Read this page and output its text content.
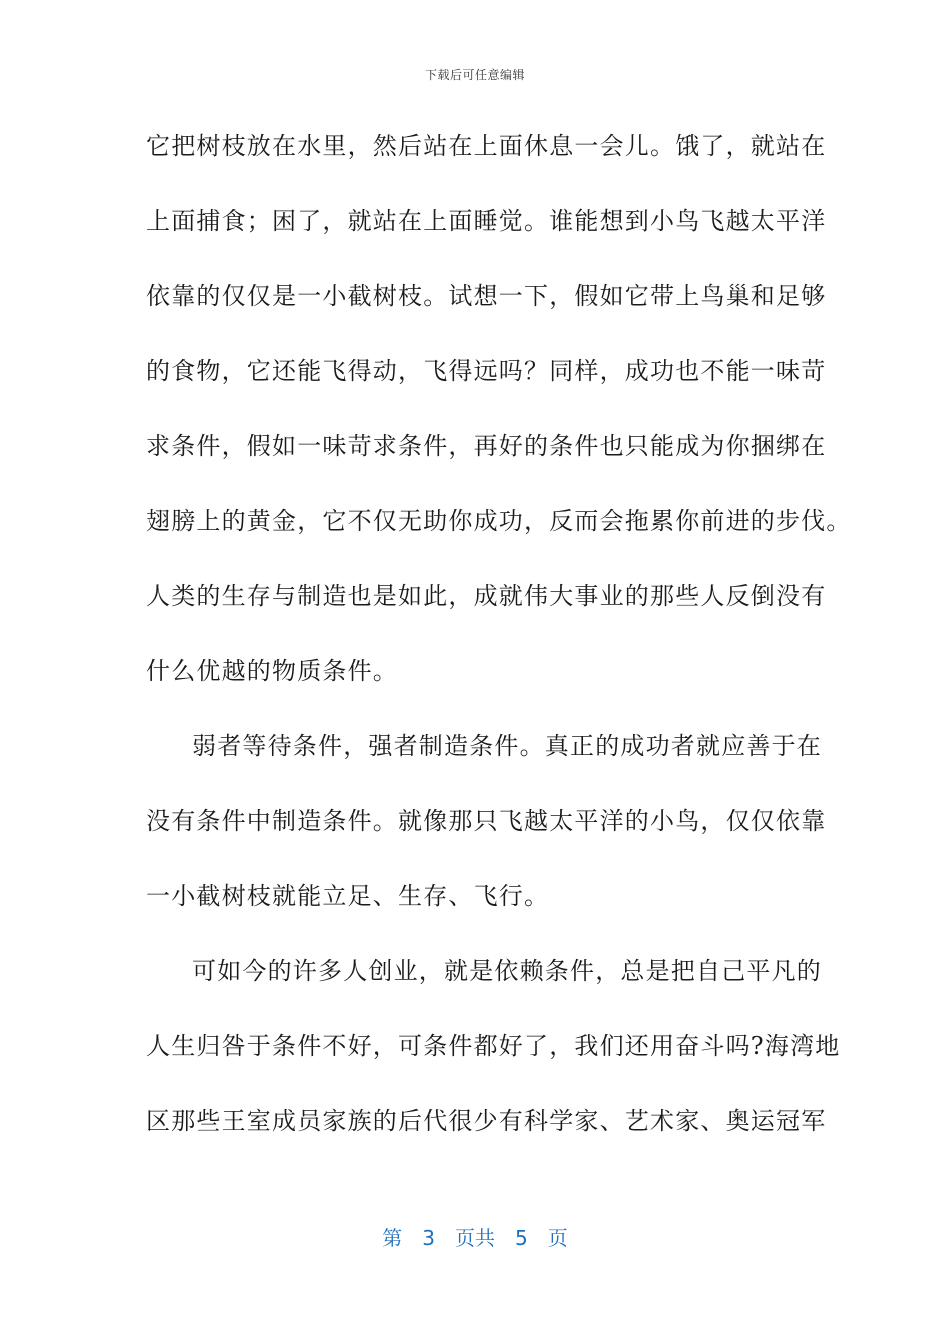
下载后可任意编辑
它把树枝放在水里，然后站在上面休息一会儿。饿了，就站在
上面捕食；困了，就站在上面睡觉。谁能想到小鸟飞越太平洋
依靠的仅仅是一小截树枝。试想一下，假如它带上鸟巢和足够
的食物，它还能飞得动，飞得远吗？同样，成功也不能一味苛
求条件，假如一味苛求条件，再好的条件也只能成为你捆绑在
翅膀上的黄金，它不仅无助你成功，反而会拖累你前进的步伐。
人类的生存与制造也是如此，成就伟大事业的那些人反倒没有
什么优越的物质条件。
弱者等待条件，强者制造条件。真正的成功者就应善于在
没有条件中制造条件。就像那只飞越太平洋的小鸟，仅仅依靠
一小截树枝就能立足、生存、飞行。
可如今的许多人创业，就是依赖条件，总是把自己平凡的
人生归咎于条件不好，可条件都好了，我们还用奋斗吗?海湾地
区那些王室成员家族的后代很少有科学家、艺术家、奥运冠军
第 3 页共 5 页
